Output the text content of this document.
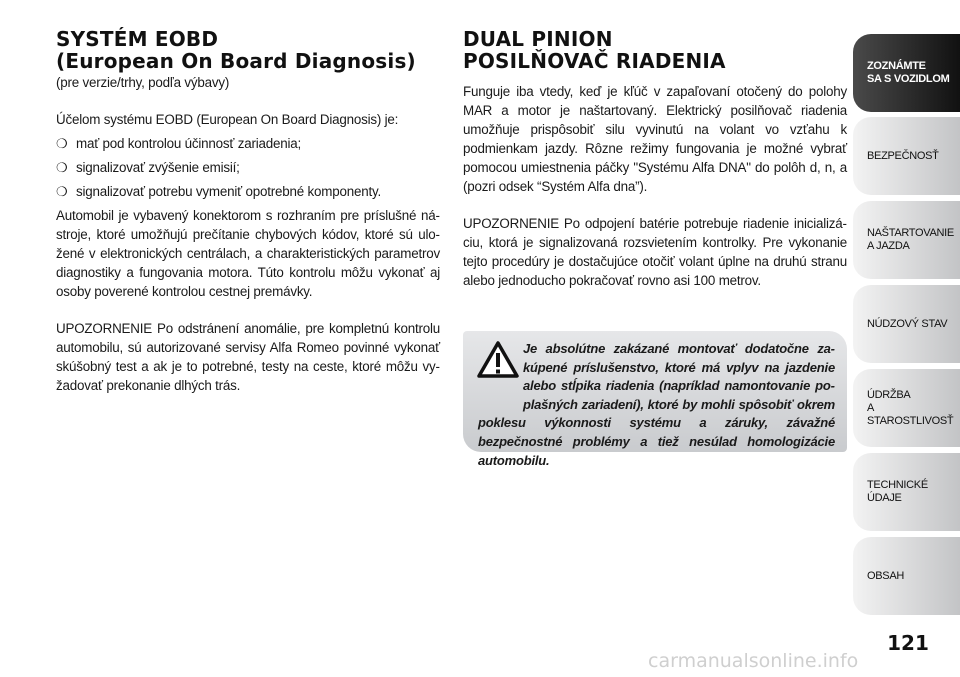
SYSTÉM EOBD
(European On Board Diagnosis)

(pre verzie/trhy, podľa výbavy)

Účelom systému EOBD (European On Board Diagnosis) je:

❍ mať pod kontrolou účinnosť zariadenia;
❍ signalizovať zvýšenie emisií;
❍ signalizovať potrebu vymeniť opotrebné komponenty.

Automobil je vybavený konektorom s rozhraním pre príslušné nástroje, ktoré umožňujú prečítanie chybových kódov, ktoré sú uložené v elektronických centrálach, a charakteristických parametrov diagnostiky a fungovania motora. Túto kontrolu môžu vykonať aj osoby poverené kontrolou cestnej premávky.

UPOZORNENIE Po odstránení anomálie, pre kompletnú kontrolu automobilu, sú autorizované servisy Alfa Romeo povinné vykonať skúšobný test a ak je to potrebné, testy na ceste, ktoré môžu vyžadovať prekonanie dlhých trás.

DUAL PINION
POSILŇOVAČ RIADENIA

Funguje iba vtedy, keď je kľúč v zapaľovaní otočený do polohy MAR a motor je naštartovaný. Elektrický posilňovač riadenia umožňuje prispôsobiť silu vyvinutú na volant vo vzťahu k podmienkam jazdy. Rôzne režimy fungovania je možné vybrať pomocou umiestnenia páčky "Systému Alfa DNA" do polôh d, n, a (pozri odsek “Systém Alfa dna”).

UPOZORNENIE Po odpojení batérie potrebuje riadenie inicializáciu, ktorá je signalizovaná rozsvietením kontrolky. Pre vykonanie tejto procedúry je dostačujúce otočiť volant úplne na druhú stranu alebo jednoducho pokračovať rovno asi 100 metrov.

Je absolútne zakázané montovať dodatočne zakúpené príslušenstvo, ktoré má vplyv na jazdenie alebo stĺpika riadenia (napríklad namontovanie poplašných zariadení), ktoré by mohli spôsobiť okrem poklesu výkonnosti systému a záruky, závažné bezpečnostné problémy a tiež nesúlad homologizácie automobilu.
ZOZNÁMTE
SA S VOZIDLOM
BEZPEČNOSŤ
NAŠTARTOVANIE
A JAZDA
NÚDZOVÝ STAV
ÚDRŽBA
A STAROSTLIVOSŤ
TECHNICKÉ
ÚDAJE
OBSAH
121
carmanualsonline.info
